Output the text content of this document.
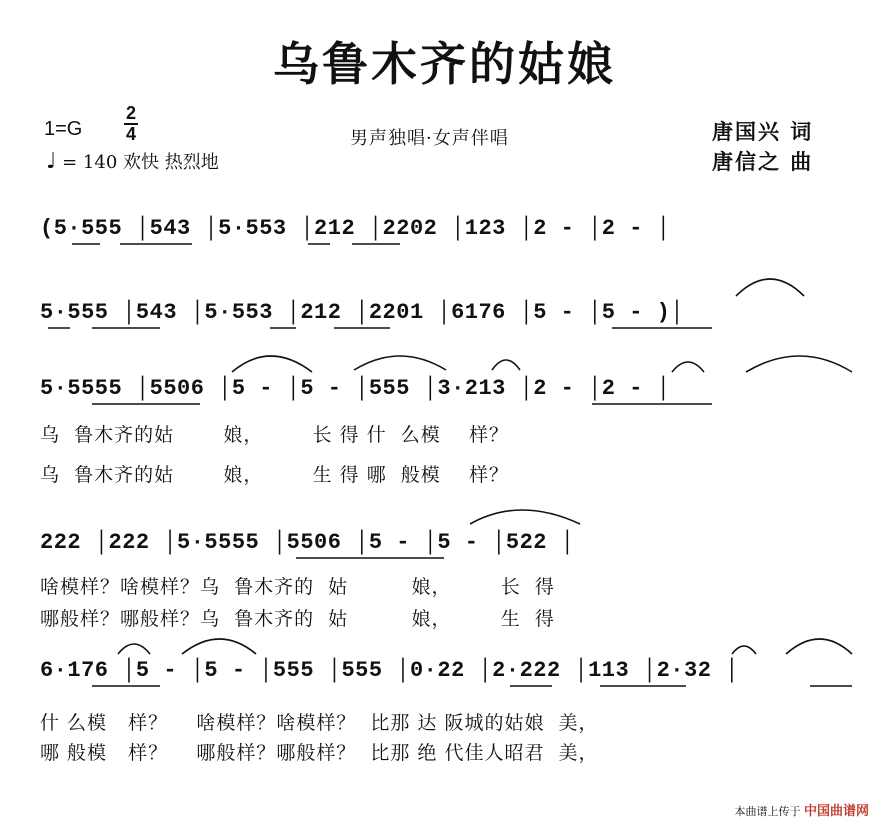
乌鲁木齐的姑娘
1=G
2
4
♩ = 140 欢快 热烈地
男声独唱·女声伴唱	唐国兴 词
唐信之 曲
(5·555 │543 │5·553 │212 │2202 │123 │2 - │2 - │
5·555 │543 │5·553 │212 │2201 │6176 │5 - │5 - )│
5·5555 │5506 │5 - │5 - │555 │3·213 │2 - │2 - │
乌  鲁木齐的姑       娘，       长 得 什  么模    样？
乌  鲁木齐的姑       娘，       生 得 哪  般模    样？
222 │222 │5·5555 │5506 │5 - │5 - │522 │
啥模样？啥模样？乌  鲁木齐的  姑         娘，       长  得
哪般样？哪般样？乌  鲁木齐的  姑         娘，       生  得
6·176 │5 - │5 - │555 │555 │0·22 │2·222 │113 │2·32 │
什 么模   样？    啥模样？啥模样？  比那 达 阪城的姑娘  美，
哪 般模   样？    哪般样？哪般样？  比那 绝 代佳人昭君  美，
本曲谱上传于 中国曲谱网
